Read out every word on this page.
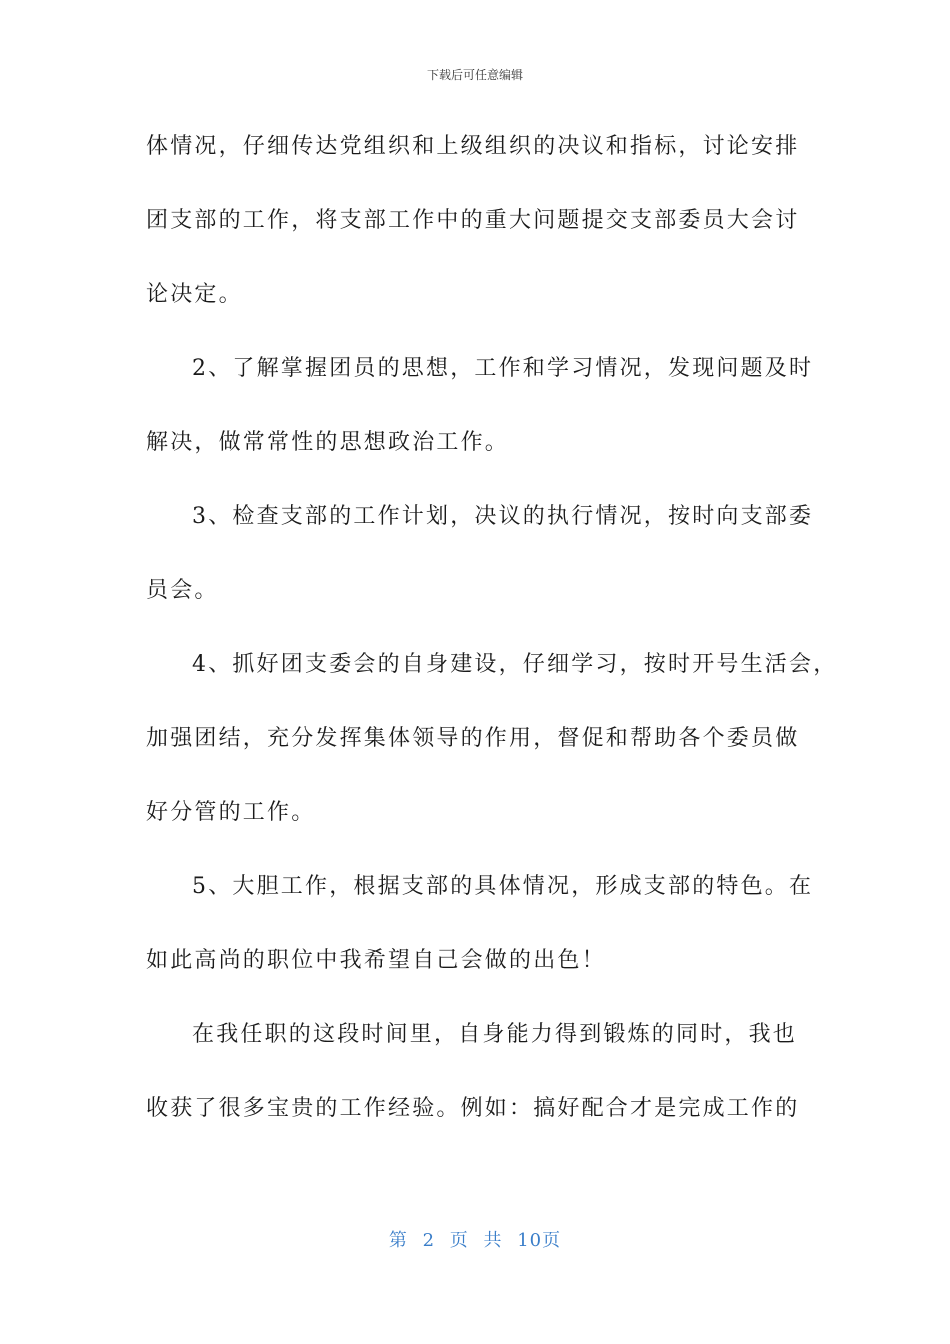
下载后可任意编辑
体情况，仔细传达党组织和上级组织的决议和指标，讨论安排
团支部的工作，将支部工作中的重大问题提交支部委员大会讨
论决定。
2、了解掌握团员的思想，工作和学习情况，发现问题及时
解决，做常常性的思想政治工作。
3、检查支部的工作计划，决议的执行情况，按时向支部委
员会。
4、抓好团支委会的自身建设，仔细学习，按时开号生活会，
加强团结，充分发挥集体领导的作用，督促和帮助各个委员做
好分管的工作。
5、大胆工作，根据支部的具体情况，形成支部的特色。在
如此高尚的职位中我希望自己会做的出色！
在我任职的这段时间里，自身能力得到锻炼的同时，我也
收获了很多宝贵的工作经验。例如：搞好配合才是完成工作的
第 2 页 共 10页
